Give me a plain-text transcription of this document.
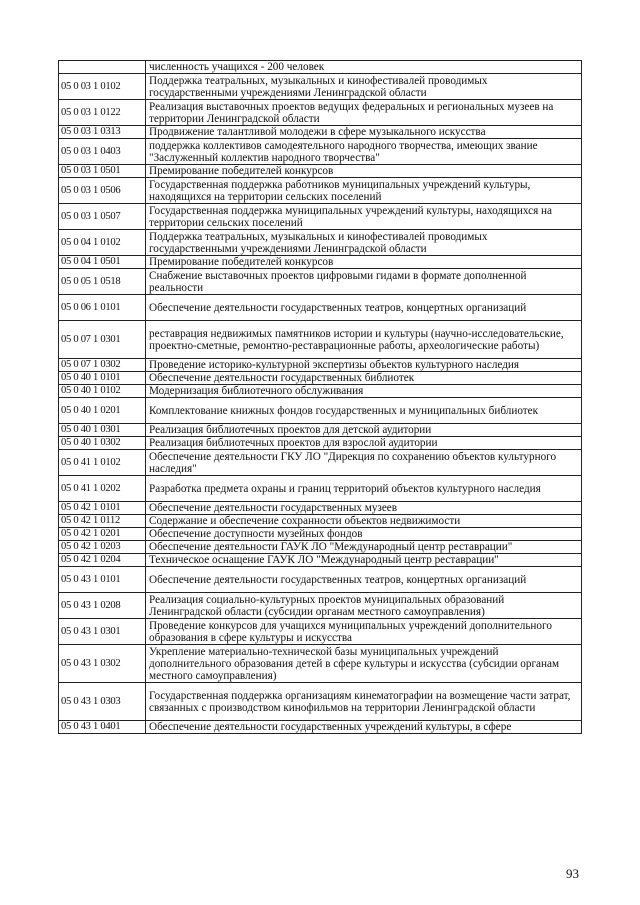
	численность учащихся - 200 человек
05 0 03 1 0102	Поддержка театральных, музыкальных и кинофестивалей проводимых государственными учреждениями Ленинградской области
05 0 03 1 0122	Реализация выставочных проектов ведущих федеральных и региональных музеев на территории Ленинградской области
05 0 03 1 0313	Продвижение талантливой молодежи в сфере музыкального искусства
05 0 03 1 0403	поддержка коллективов самодеятельного народного творчества, имеющих звание "Заслуженный коллектив народного творчества"
05 0 03 1 0501	Премирование победителей конкурсов
05 0 03 1 0506	Государственная поддержка работников муниципальных учреждений культуры, находящихся на территории сельских поселений
05 0 03 1 0507	Государственная поддержка муниципальных учреждений культуры, находящихся на территории сельских поселений
05 0 04 1 0102	Поддержка театральных, музыкальных и кинофестивалей проводимых государственными учреждениями Ленинградской области
05 0 04 1 0501	Премирование победителей конкурсов
05 0 05 1 0518	Снабжение выставочных проектов цифровыми гидами в формате дополненной реальности
05 0 06 1 0101	Обеспечение деятельности государственных театров, концертных организаций
05 0 07 1 0301	реставрация недвижимых памятников истории и культуры (научно-исследовательские, проектно-сметные, ремонтно-реставрационные работы, археологические работы)
05 0 07 1 0302	Проведение историко-культурной экспертизы объектов культурного наследия
05 0 40 1 0101	Обеспечение деятельности государственных библиотек
05 0 40 1 0102	Модернизация библиотечного обслуживания
05 0 40 1 0201	Комплектование книжных фондов государственных и муниципальных библиотек
05 0 40 1 0301	Реализация библиотечных проектов для детской аудитории
05 0 40 1 0302	Реализация библиотечных проектов для взрослой аудитории
05 0 41 1 0102	Обеспечение деятельности ГКУ ЛО "Дирекция по сохранению объектов культурного наследия"
05 0 41 1 0202	Разработка предмета охраны и границ территорий объектов культурного наследия
05 0 42 1 0101	Обеспечение деятельности государственных музеев
05 0 42 1 0112	Содержание и обеспечение сохранности объектов недвижимости
05 0 42 1 0201	Обеспечение доступности музейных фондов
05 0 42 1 0203	Обеспечение деятельности ГАУК ЛО "Международный центр реставрации"
05 0 42 1 0204	Техническое оснащение ГАУК ЛО "Международный центр реставрации"
05 0 43 1 0101	Обеспечение деятельности государственных театров, концертных организаций
05 0 43 1 0208	Реализация социально-культурных проектов муниципальных образований Ленинградской области (субсидии органам местного самоуправления)
05 0 43 1 0301	Проведение конкурсов для учащихся муниципальных учреждений дополнительного образования в сфере культуры и искусства
05 0 43 1 0302	Укрепление материально-технической базы муниципальных учреждений дополнительного образования детей в сфере культуры и искусства (субсидии органам местного самоуправления)
05 0 43 1 0303	Государственная поддержка организациям кинематографии на возмещение части затрат, связанных с производством кинофильмов на территории Ленинградской области
05 0 43 1 0401	Обеспечение деятельности государственных учреждений культуры, в сфере
93
